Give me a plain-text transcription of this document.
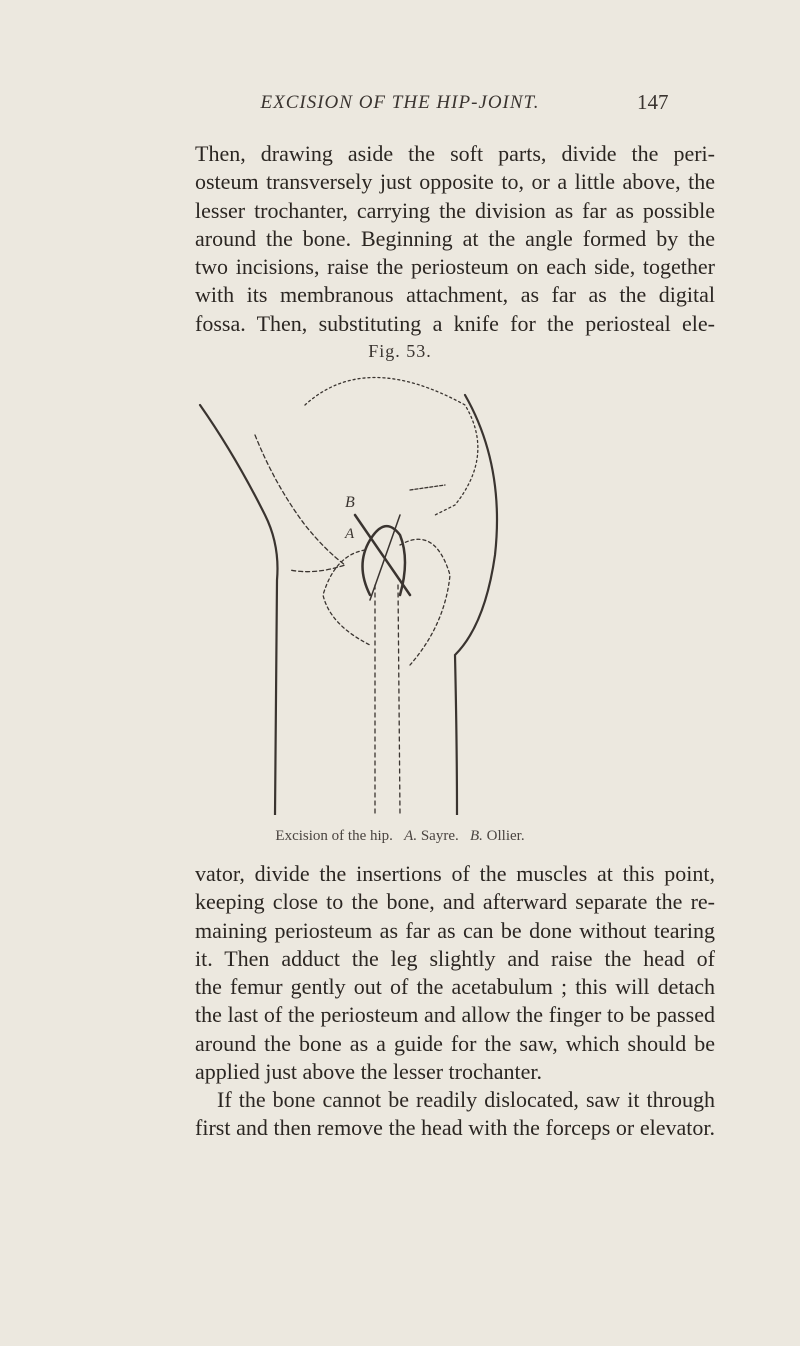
EXCISION OF THE HIP-JOINT.	147

Then, drawing aside the soft parts, divide the peri-
osteum transversely just opposite to, or a little above, the
lesser trochanter, carrying the division as far as possible
around the bone. Beginning at the angle formed by the
two incisions, raise the periosteum on each side, together
with its membranous attachment, as far as the digital
fossa. Then, substituting a knife for the periosteal ele-

Fig. 53.
B
A
Excision of the hip. A. Sayre. B. Ollier.

vator, divide the insertions of the muscles at this point,
keeping close to the bone, and afterward separate the re-
maining periosteum as far as can be done without tearing
it. Then adduct the leg slightly and raise the head of
the femur gently out of the acetabulum ; this will detach
the last of the periosteum and allow the finger to be passed
around the bone as a guide for the saw, which should be
applied just above the lesser trochanter.

If the bone cannot be readily dislocated, saw it through
first and then remove the head with the forceps or elevator.
